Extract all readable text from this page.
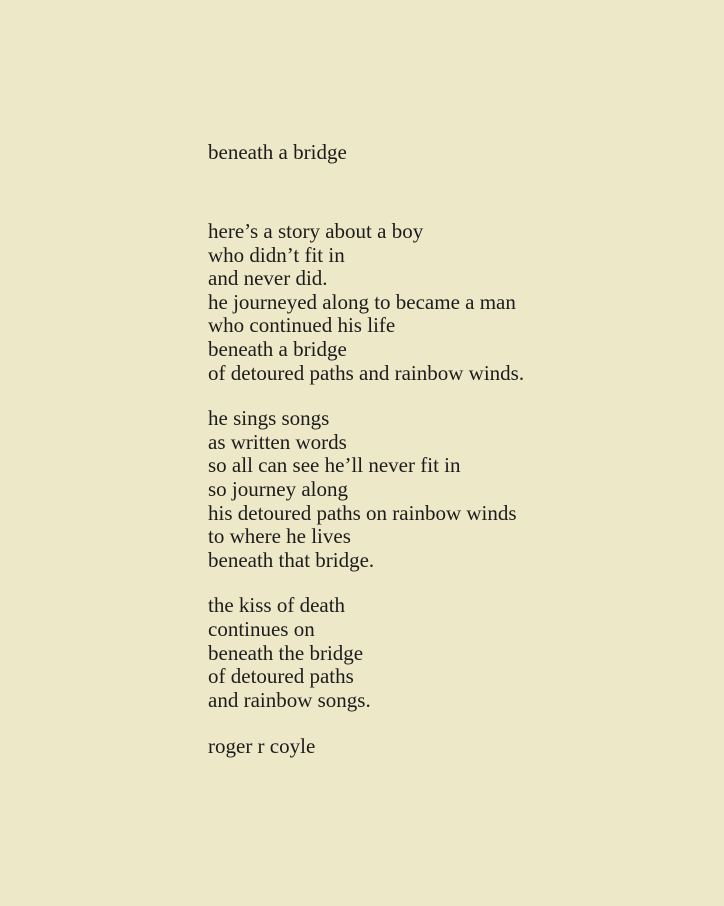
beneath a bridge
here’s a story about a boy
who didn’t fit in
and never did.
he journeyed along to became a man
who continued his life
beneath a bridge
of detoured paths and rainbow winds.
he sings songs
as written words
so all can see he’ll never fit in
so journey along
his detoured paths on rainbow winds
to where he lives
beneath that bridge.
the kiss of death
continues on
beneath the bridge
of detoured paths
and rainbow songs.
roger r coyle
